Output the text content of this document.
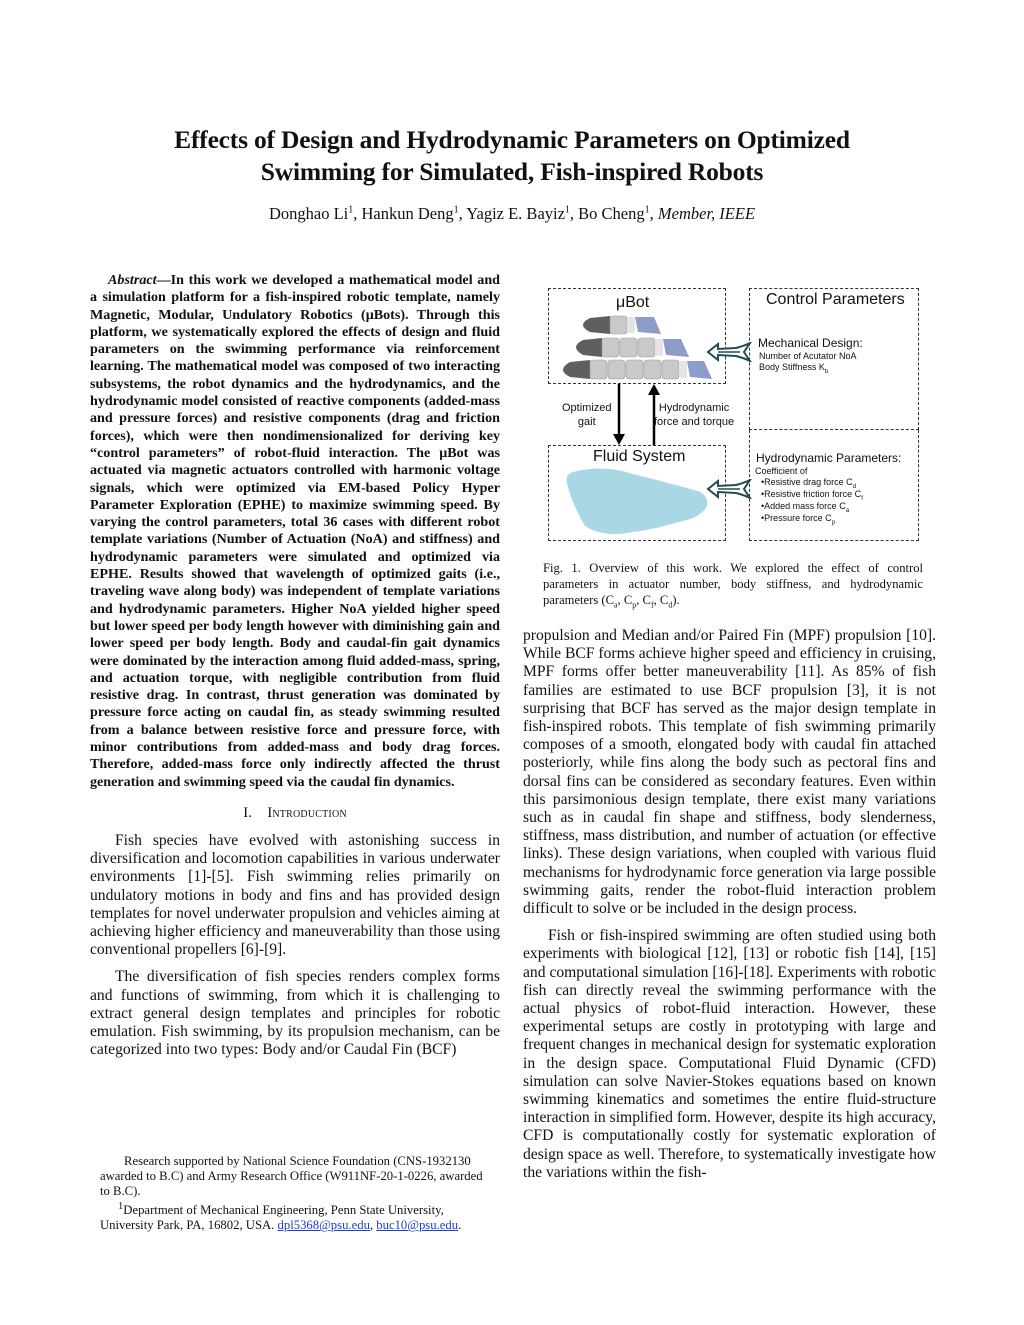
Effects of Design and Hydrodynamic Parameters on Optimized
Swimming for Simulated, Fish-inspired Robots
Donghao Li$^1$, Hankun Deng$^1$, Yagiz E. Bayiz$^1$, Bo Cheng$^1$, Member, IEEE

Abstract—In this work we developed a mathematical model and a simulation platform for a fish-inspired robotic template, namely Magnetic, Modular, Undulatory Robotics (μBots). Through this platform, we systematically explored the effects of design and fluid parameters on the swimming performance via reinforcement learning. The mathematical model was composed of two interacting subsystems, the robot dynamics and the hydrodynamics, and the hydrodynamic model consisted of reactive components (added-mass and pressure forces) and resistive components (drag and friction forces), which were then nondimensionalized for deriving key “control parameters” of robot-fluid interaction. The μBot was actuated via magnetic actuators controlled with harmonic voltage signals, which were optimized via EM-based Policy Hyper Parameter Exploration (EPHE) to maximize swimming speed. By varying the control parameters, total 36 cases with different robot template variations (Number of Actuation (NoA) and stiffness) and hydrodynamic parameters were simulated and optimized via EPHE. Results showed that wavelength of optimized gaits (i.e., traveling wave along body) was independent of template variations and hydrodynamic parameters. Higher NoA yielded higher speed but lower speed per body length however with diminishing gain and lower speed per body length. Body and caudal-fin gait dynamics were dominated by the interaction among fluid added-mass, spring, and actuation torque, with negligible contribution from fluid resistive drag. In contrast, thrust generation was dominated by pressure force acting on caudal fin, as steady swimming resulted from a balance between resistive force and pressure force, with minor contributions from added-mass and body drag forces. Therefore, added-mass force only indirectly affected the thrust generation and swimming speed via the caudal fin dynamics.

I. Introduction

Fish species have evolved with astonishing success in diversification and locomotion capabilities in various underwater environments [1]-[5]. Fish swimming relies primarily on undulatory motions in body and fins and has provided design templates for novel underwater propulsion and vehicles aiming at achieving higher efficiency and maneuverability than those using conventional propellers [6]-[9].

The diversification of fish species renders complex forms and functions of swimming, from which it is challenging to extract general design templates and principles for robotic emulation. Fish swimming, by its propulsion mechanism, can be categorized into two types: Body and/or Caudal Fin (BCF)

Research supported by National Science Foundation (CNS-1932130 awarded to B.C) and Army Research Office (W911NF-20-1-0226, awarded to B.C).

$^1$Department of Mechanical Engineering, Penn State University, University Park, PA, 16802, USA. dpl5368@psu.edu, buc10@psu.edu.

μBot	Control Parameters
Mechanical Design:
Number of Acutator NoA
Body Stiffness $K_b$
Optimized
gait
Hydrodynamic
force and torque
Fluid System	Hydrodynamic Parameters:
Coefficient of
•Resistive drag force $C_d$
•Resistive friction force $C_f$
•Added mass force $C_a$
•Pressure force $C_p$
Fig. 1. Overview of this work. We explored the effect of control parameters in actuator number, body stiffness, and hydrodynamic parameters ($C_a$, $C_p$, $C_f$, $C_d$).

propulsion and Median and/or Paired Fin (MPF) propulsion [10]. While BCF forms achieve higher speed and efficiency in cruising, MPF forms offer better maneuverability [11]. As 85% of fish families are estimated to use BCF propulsion [3], it is not surprising that BCF has served as the major design template in fish-inspired robots. This template of fish swimming primarily composes of a smooth, elongated body with caudal fin attached posteriorly, while fins along the body such as pectoral fins and dorsal fins can be considered as secondary features. Even within this parsimonious design template, there exist many variations such as in caudal fin shape and stiffness, body slenderness, stiffness, mass distribution, and number of actuation (or effective links). These design variations, when coupled with various fluid mechanisms for hydrodynamic force generation via large possible swimming gaits, render the robot-fluid interaction problem difficult to solve or be included in the design process.

Fish or fish-inspired swimming are often studied using both experiments with biological [12], [13] or robotic fish [14], [15] and computational simulation [16]-[18]. Experiments with robotic fish can directly reveal the swimming performance with the actual physics of robot-fluid interaction. However, these experimental setups are costly in prototyping with large and frequent changes in mechanical design for systematic exploration in the design space. Computational Fluid Dynamic (CFD) simulation can solve Navier-Stokes equations based on known swimming kinematics and sometimes the entire fluid-structure interaction in simplified form. However, despite its high accuracy, CFD is computationally costly for systematic exploration of design space as well. Therefore, to systematically investigate how the variations within the fish-
